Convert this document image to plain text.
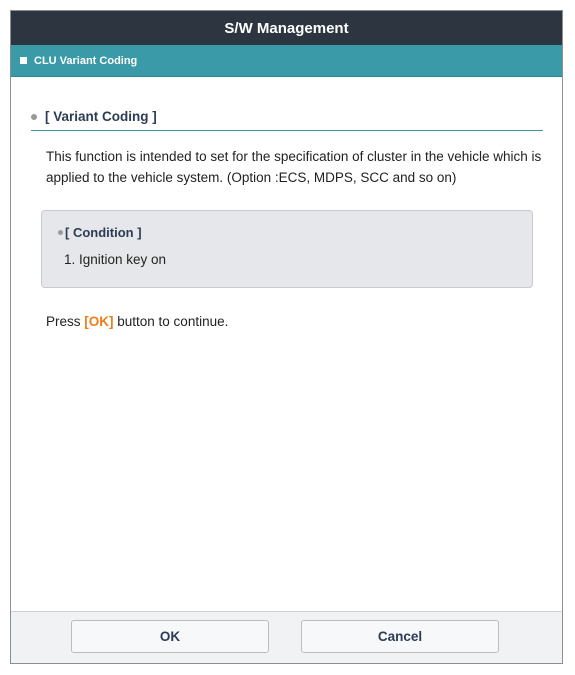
S/W Management
CLU Variant Coding
[ Variant Coding ]
This function is intended to set for the specification of cluster in the vehicle which is applied to the vehicle system. (Option :ECS, MDPS, SCC and so on)
[ Condition ]
1. Ignition key on
Press [OK] button to continue.
OK	Cancel
